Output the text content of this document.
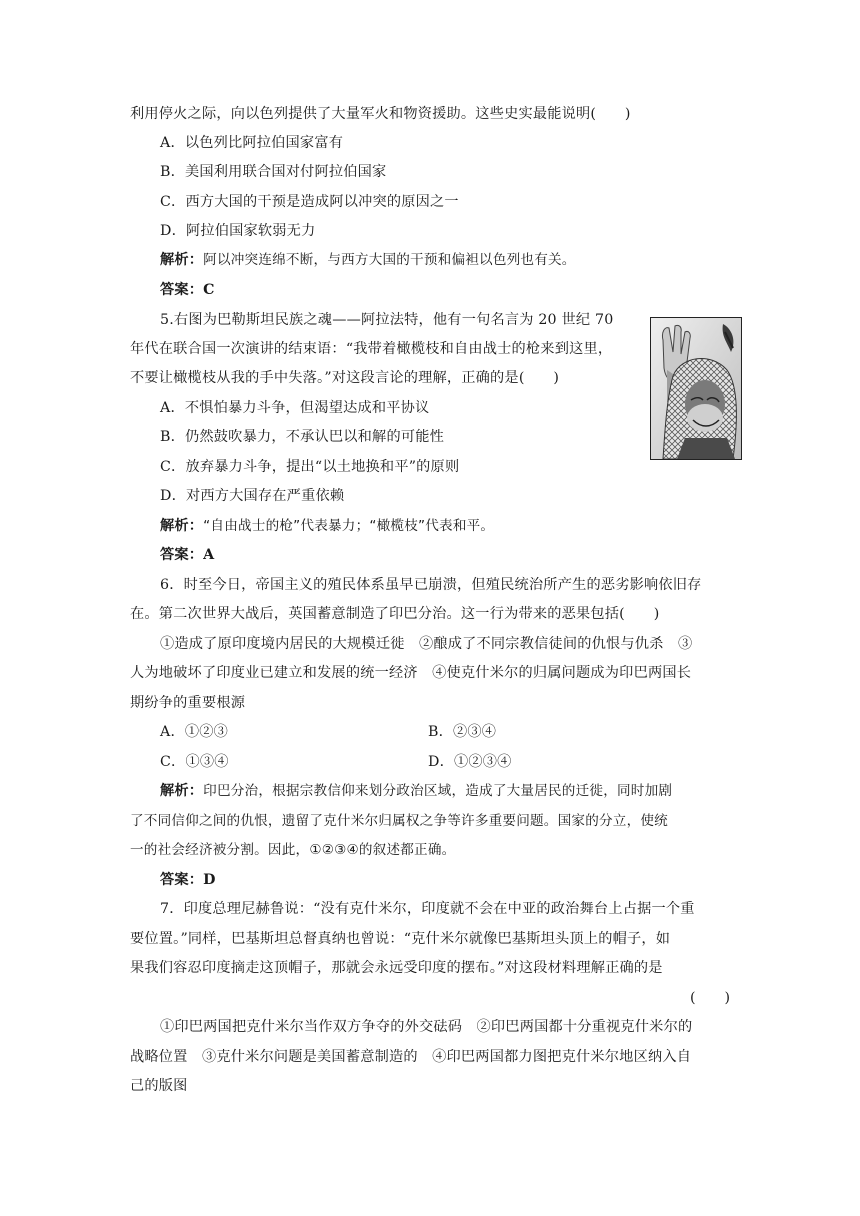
利用停火之际，向以色列提供了大量军火和物资援助。这些史实最能说明(　　)
A．以色列比阿拉伯国家富有
B．美国利用联合国对付阿拉伯国家
C．西方大国的干预是造成阿以冲突的原因之一
D．阿拉伯国家软弱无力
解析：阿以冲突连绵不断，与西方大国的干预和偏袒以色列也有关。
答案：C
5.右图为巴勒斯坦民族之魂——阿拉法特，他有一句名言为 20 世纪 70
年代在联合国一次演讲的结束语：“我带着橄榄枝和自由战士的枪来到这里，
不要让橄榄枝从我的手中失落。”对这段言论的理解，正确的是(　　)
A．不惧怕暴力斗争，但渴望达成和平协议
B．仍然鼓吹暴力，不承认巴以和解的可能性
C．放弃暴力斗争，提出“以土地换和平”的原则
D．对西方大国存在严重依赖
解析：“自由战士的枪”代表暴力；“橄榄枝”代表和平。
答案：A
6．时至今日，帝国主义的殖民体系虽早已崩溃，但殖民统治所产生的恶劣影响依旧存
在。第二次世界大战后，英国蓄意制造了印巴分治。这一行为带来的恶果包括(　　)
①造成了原印度境内居民的大规模迁徙　②酿成了不同宗教信徒间的仇恨与仇杀　③
人为地破坏了印度业已建立和发展的统一经济　④使克什米尔的归属问题成为印巴两国长
期纷争的重要根源
A．①②③	B．②③④
C．①③④	D．①②③④
解析：印巴分治，根据宗教信仰来划分政治区域，造成了大量居民的迁徙，同时加剧
了不同信仰之间的仇恨，遗留了克什米尔归属权之争等许多重要问题。国家的分立，使统
一的社会经济被分割。因此，①②③④的叙述都正确。
答案：D
7．印度总理尼赫鲁说：“没有克什米尔，印度就不会在中亚的政治舞台上占据一个重
要位置。”同样，巴基斯坦总督真纳也曾说：“克什米尔就像巴基斯坦头顶上的帽子，如
果我们容忍印度摘走这顶帽子，那就会永远受印度的摆布。”对这段材料理解正确的是
(　　)
①印巴两国把克什米尔当作双方争夺的外交砝码　②印巴两国都十分重视克什米尔的
战略位置　③克什米尔问题是美国蓄意制造的　④印巴两国都力图把克什米尔地区纳入自
己的版图
